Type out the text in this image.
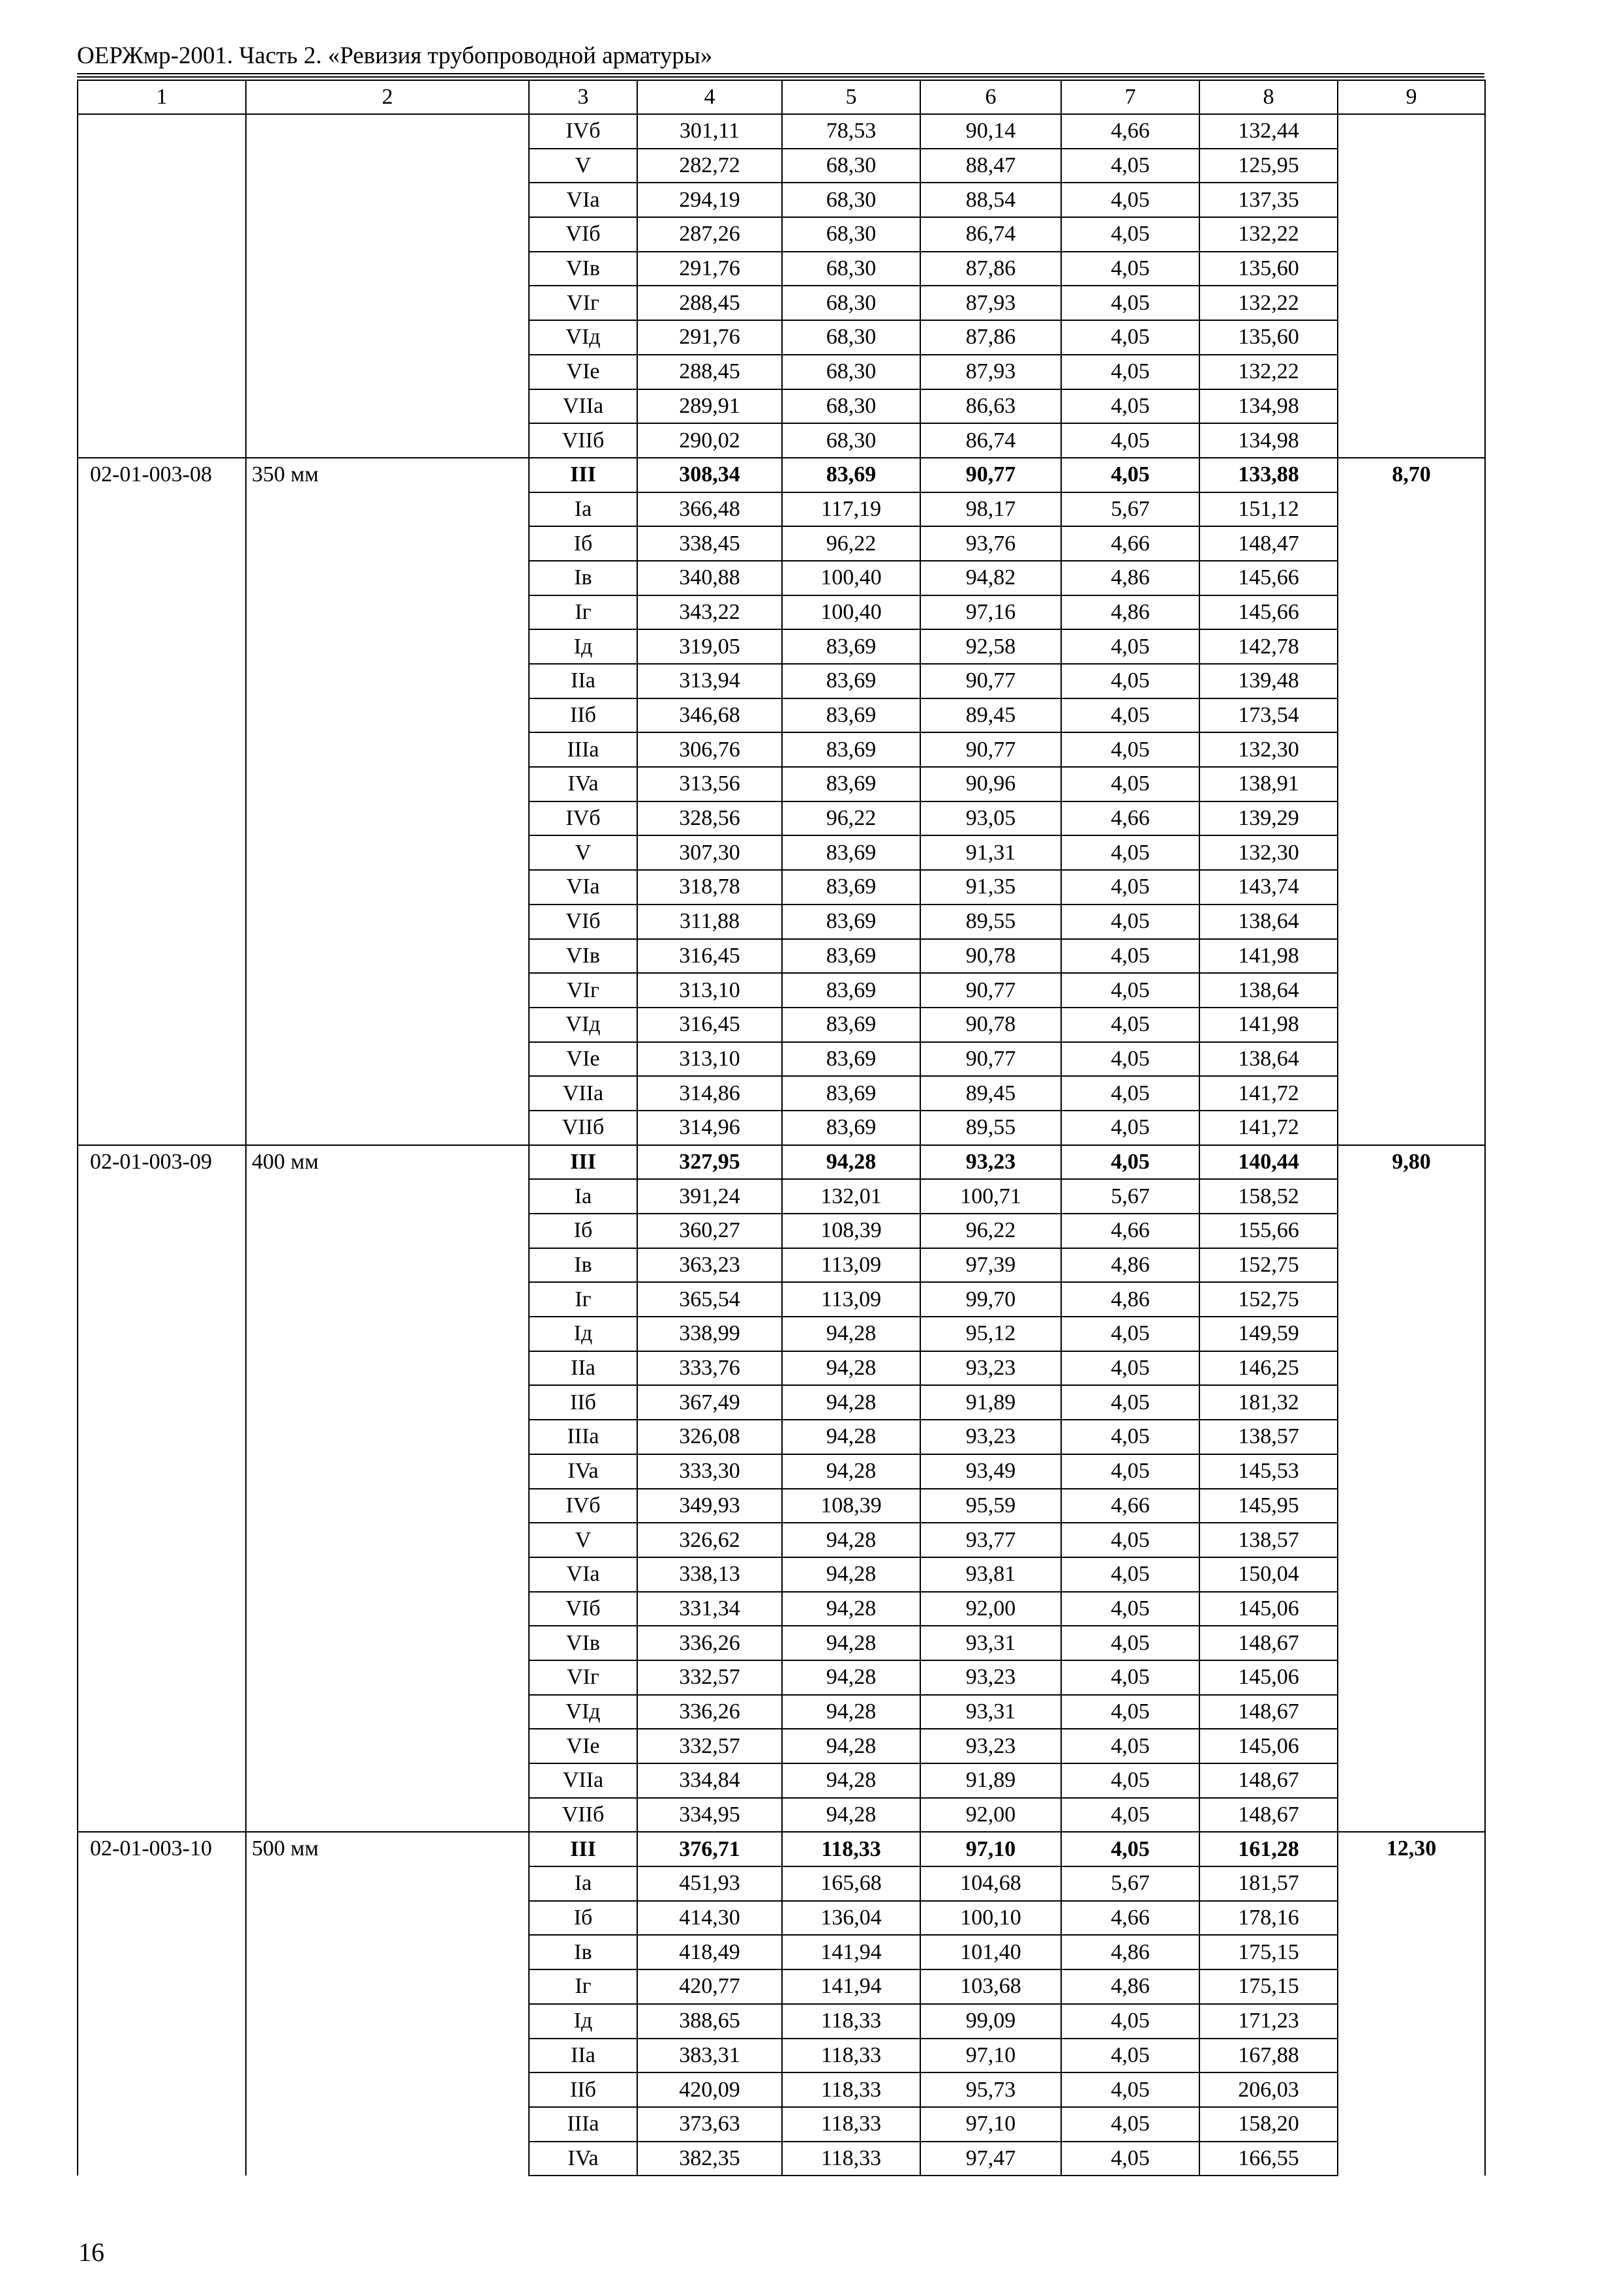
ОЕРЖмр-2001. Часть 2. «Ревизия трубопроводной арматуры»
1	2	3	4	5	6	7	8	9
		IVб	301,11	78,53	90,14	4,66	132,44	
		V	282,72	68,30	88,47	4,05	125,95	
		VIa	294,19	68,30	88,54	4,05	137,35	
		VIб	287,26	68,30	86,74	4,05	132,22	
		VIв	291,76	68,30	87,86	4,05	135,60	
		VIг	288,45	68,30	87,93	4,05	132,22	
		VIд	291,76	68,30	87,86	4,05	135,60	
		VIe	288,45	68,30	87,93	4,05	132,22	
		VIIa	289,91	68,30	86,63	4,05	134,98	
		VIIб	290,02	68,30	86,74	4,05	134,98	
02-01-003-08	350 мм	III	308,34	83,69	90,77	4,05	133,88	8,70
		Ia	366,48	117,19	98,17	5,67	151,12	
		Iб	338,45	96,22	93,76	4,66	148,47	
		Iв	340,88	100,40	94,82	4,86	145,66	
		Iг	343,22	100,40	97,16	4,86	145,66	
		Iд	319,05	83,69	92,58	4,05	142,78	
		IIa	313,94	83,69	90,77	4,05	139,48	
		IIб	346,68	83,69	89,45	4,05	173,54	
		IIIa	306,76	83,69	90,77	4,05	132,30	
		IVa	313,56	83,69	90,96	4,05	138,91	
		IVб	328,56	96,22	93,05	4,66	139,29	
		V	307,30	83,69	91,31	4,05	132,30	
		VIa	318,78	83,69	91,35	4,05	143,74	
		VIб	311,88	83,69	89,55	4,05	138,64	
		VIв	316,45	83,69	90,78	4,05	141,98	
		VIг	313,10	83,69	90,77	4,05	138,64	
		VIд	316,45	83,69	90,78	4,05	141,98	
		VIe	313,10	83,69	90,77	4,05	138,64	
		VIIa	314,86	83,69	89,45	4,05	141,72	
		VIIб	314,96	83,69	89,55	4,05	141,72	
02-01-003-09	400 мм	III	327,95	94,28	93,23	4,05	140,44	9,80
		Ia	391,24	132,01	100,71	5,67	158,52	
		Iб	360,27	108,39	96,22	4,66	155,66	
		Iв	363,23	113,09	97,39	4,86	152,75	
		Iг	365,54	113,09	99,70	4,86	152,75	
		Iд	338,99	94,28	95,12	4,05	149,59	
		IIa	333,76	94,28	93,23	4,05	146,25	
		IIб	367,49	94,28	91,89	4,05	181,32	
		IIIa	326,08	94,28	93,23	4,05	138,57	
		IVa	333,30	94,28	93,49	4,05	145,53	
		IVб	349,93	108,39	95,59	4,66	145,95	
		V	326,62	94,28	93,77	4,05	138,57	
		VIa	338,13	94,28	93,81	4,05	150,04	
		VIб	331,34	94,28	92,00	4,05	145,06	
		VIв	336,26	94,28	93,31	4,05	148,67	
		VIг	332,57	94,28	93,23	4,05	145,06	
		VIд	336,26	94,28	93,31	4,05	148,67	
		VIe	332,57	94,28	93,23	4,05	145,06	
		VIIa	334,84	94,28	91,89	4,05	148,67	
		VIIб	334,95	94,28	92,00	4,05	148,67	
02-01-003-10	500 мм	III	376,71	118,33	97,10	4,05	161,28	12,30
		Ia	451,93	165,68	104,68	5,67	181,57	
		Iб	414,30	136,04	100,10	4,66	178,16	
		Iв	418,49	141,94	101,40	4,86	175,15	
		Iг	420,77	141,94	103,68	4,86	175,15	
		Iд	388,65	118,33	99,09	4,05	171,23	
		IIa	383,31	118,33	97,10	4,05	167,88	
		IIб	420,09	118,33	95,73	4,05	206,03	
		IIIa	373,63	118,33	97,10	4,05	158,20	
		IVa	382,35	118,33	97,47	4,05	166,55	
16
